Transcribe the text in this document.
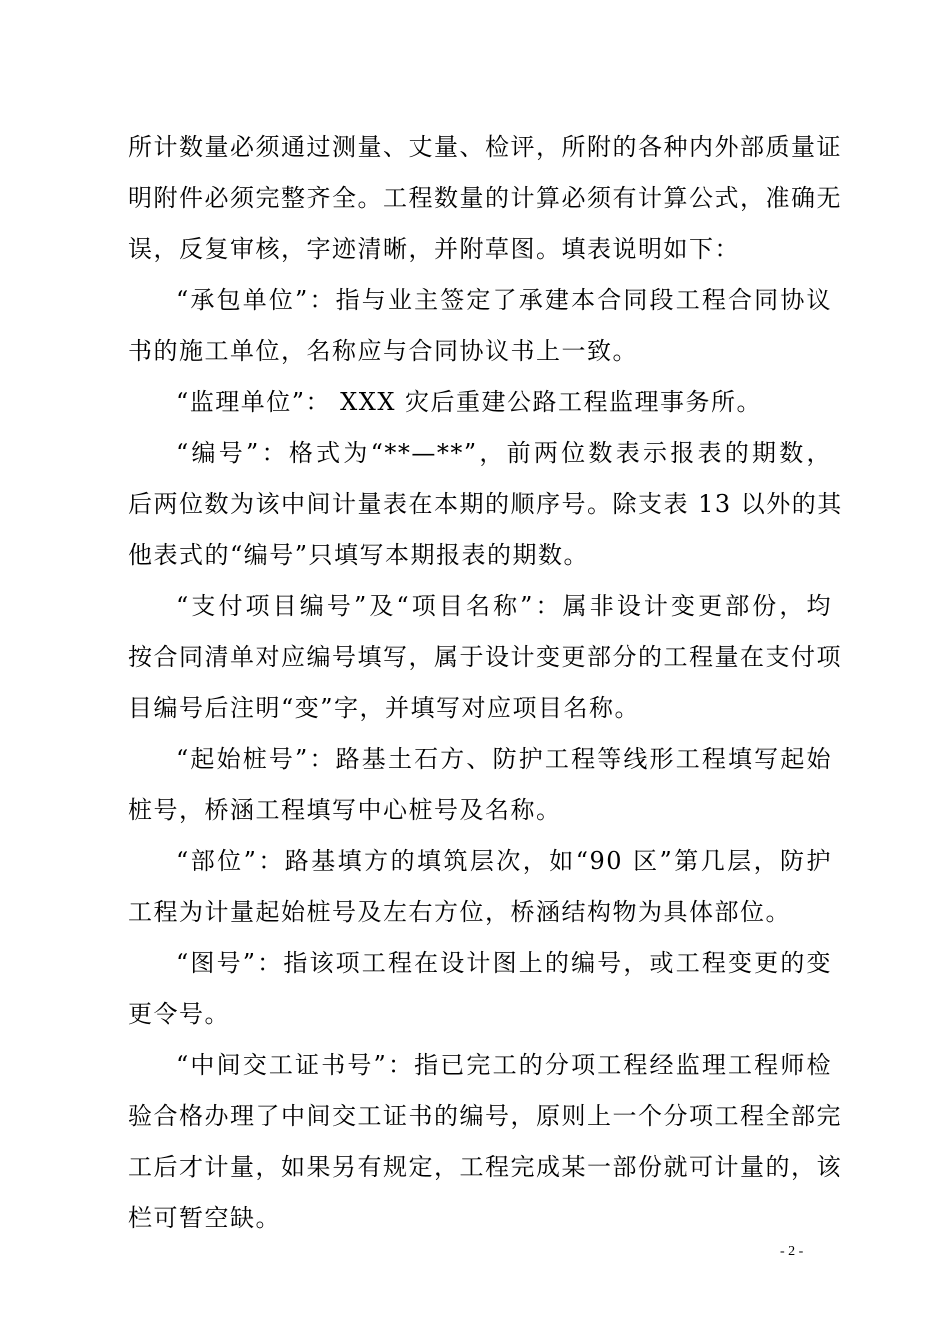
所计数量必须通过测量、丈量、检评，所附的各种内外部质量证
明附件必须完整齐全。工程数量的计算必须有计算公式，准确无
误，反复审核，字迹清晰，并附草图。填表说明如下：
“承包单位”：指与业主签定了承建本合同段工程合同协议
书的施工单位，名称应与合同协议书上一致。
“监理单位”： XXX 灾后重建公路工程监理事务所。
“编号”：格式为“**—**”，前两位数表示报表的期数，
后两位数为该中间计量表在本期的顺序号。除支表 13 以外的其
他表式的“编号”只填写本期报表的期数。
“支付项目编号”及“项目名称”：属非设计变更部份，均
按合同清单对应编号填写，属于设计变更部分的工程量在支付项
目编号后注明“变”字，并填写对应项目名称。
“起始桩号”：路基土石方、防护工程等线形工程填写起始
桩号，桥涵工程填写中心桩号及名称。
“部位”：路基填方的填筑层次，如“90 区”第几层，防护
工程为计量起始桩号及左右方位，桥涵结构物为具体部位。
“图号”：指该项工程在设计图上的编号，或工程变更的变
更令号。
“中间交工证书号”：指已完工的分项工程经监理工程师检
验合格办理了中间交工证书的编号，原则上一个分项工程全部完
工后才计量，如果另有规定，工程完成某一部份就可计量的，该
栏可暂空缺。
- 2 -
